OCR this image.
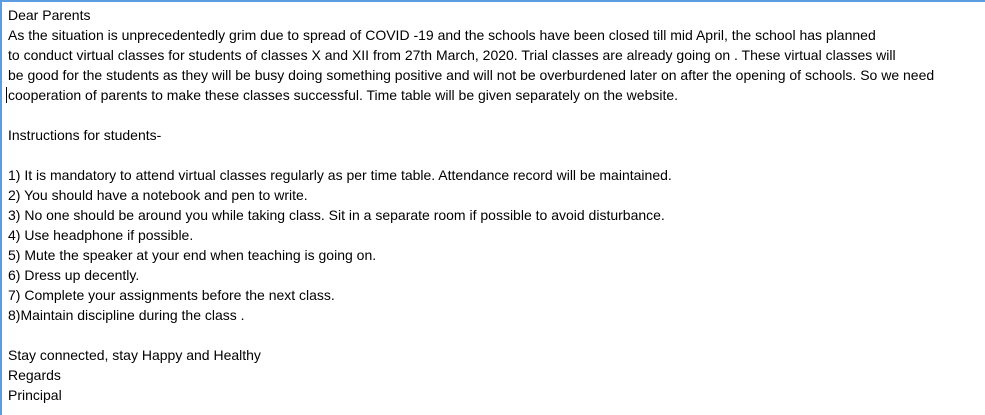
Dear Parents
As the situation is unprecedentedly grim due to spread of COVID -19 and the schools have been closed till mid April, the school has planned
to conduct virtual classes for students of classes X and XII from 27th March, 2020. Trial classes are already going on . These virtual classes will
be good for the students as they will be busy doing something positive and will not be overburdened later on after the opening of schools. So we need
cooperation of parents to make these classes successful. Time table will be given separately on the website.
Instructions for students-
1) It is mandatory to attend virtual classes regularly as per time table. Attendance record will be maintained.
2) You should have a notebook and pen to write.
3) No one should be around you while taking class. Sit in a separate room if possible to avoid disturbance.
4) Use headphone if possible.
5) Mute the speaker at your end when teaching is going on.
6) Dress up decently.
7) Complete your assignments before the next class.
8)Maintain discipline during the class .
Stay connected, stay Happy and Healthy
Regards
Principal
